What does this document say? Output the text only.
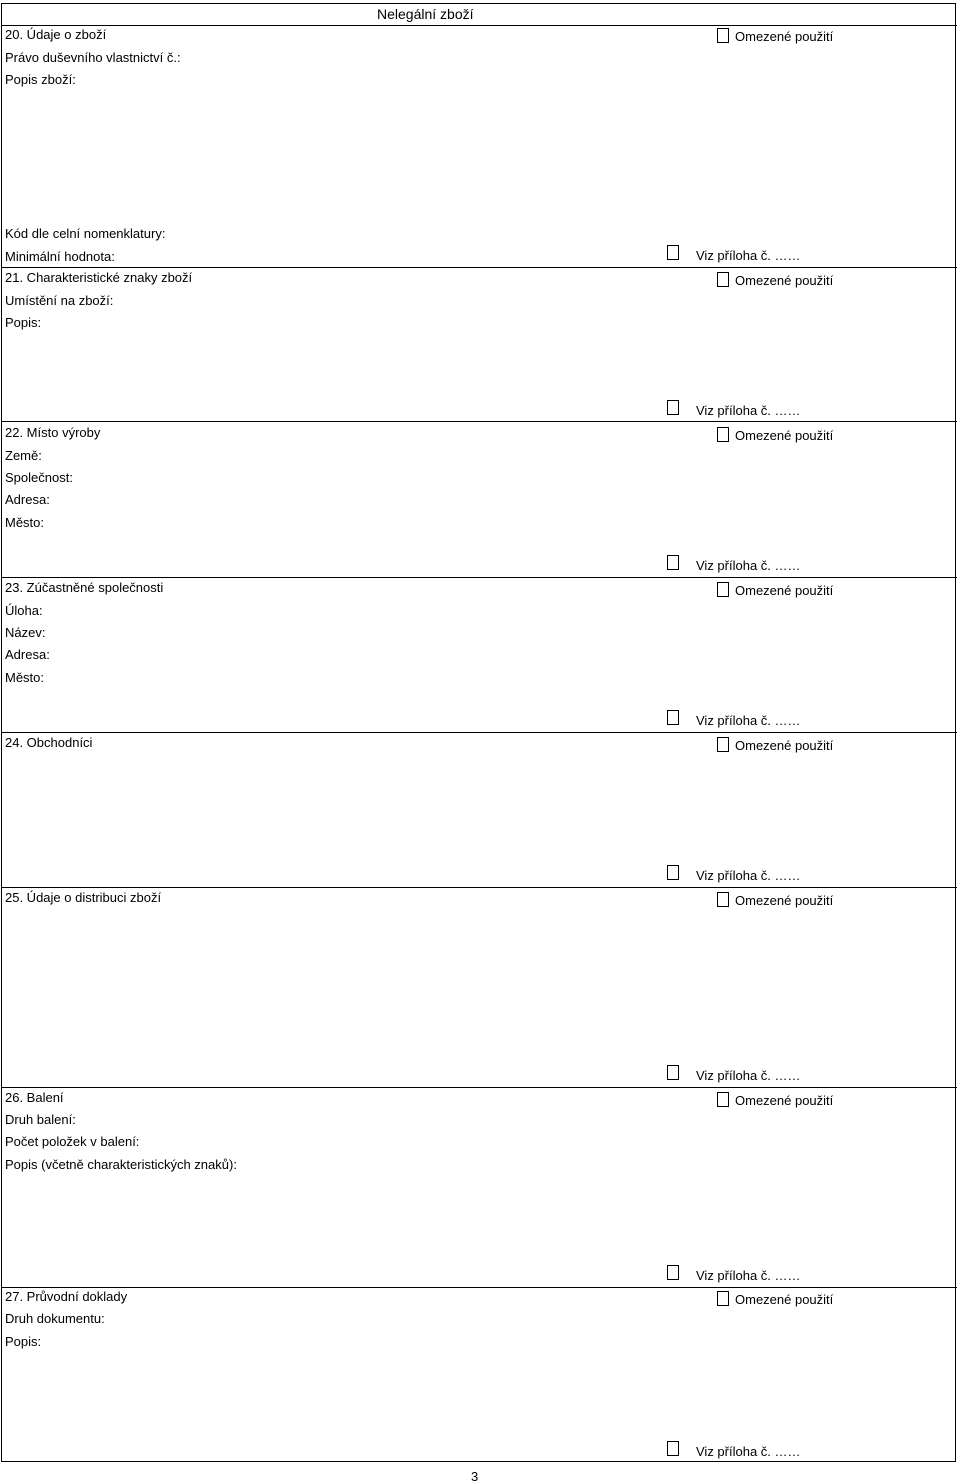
Nelegální zboží
20. Údaje o zboží
Právo duševního vlastnictví č.:
Popis zboží:
Kód dle celní nomenklatury:
Minimální hodnota:
Omezené použití
Viz příloha č. ……
21. Charakteristické znaky zboží
Umístění na zboží:
Popis:
Omezené použití
Viz příloha č. ……
22. Místo výroby
Země:
Společnost:
Adresa:
Město:
Omezené použití
Viz příloha č. ……
23. Zúčastněné společnosti
Úloha:
Název:
Adresa:
Město:
Omezené použití
Viz příloha č. ……
24. Obchodníci	Omezené použití
Viz příloha č. ……
25. Údaje o distribuci zboží	Omezené použití
Viz příloha č. ……
26. Balení
Druh balení:
Počet položek v balení:
Popis (včetně charakteristických znaků):
Omezené použití
Viz příloha č. ……
27. Průvodní doklady
Druh dokumentu:
Popis:
Omezené použití
Viz příloha č. ……
3
